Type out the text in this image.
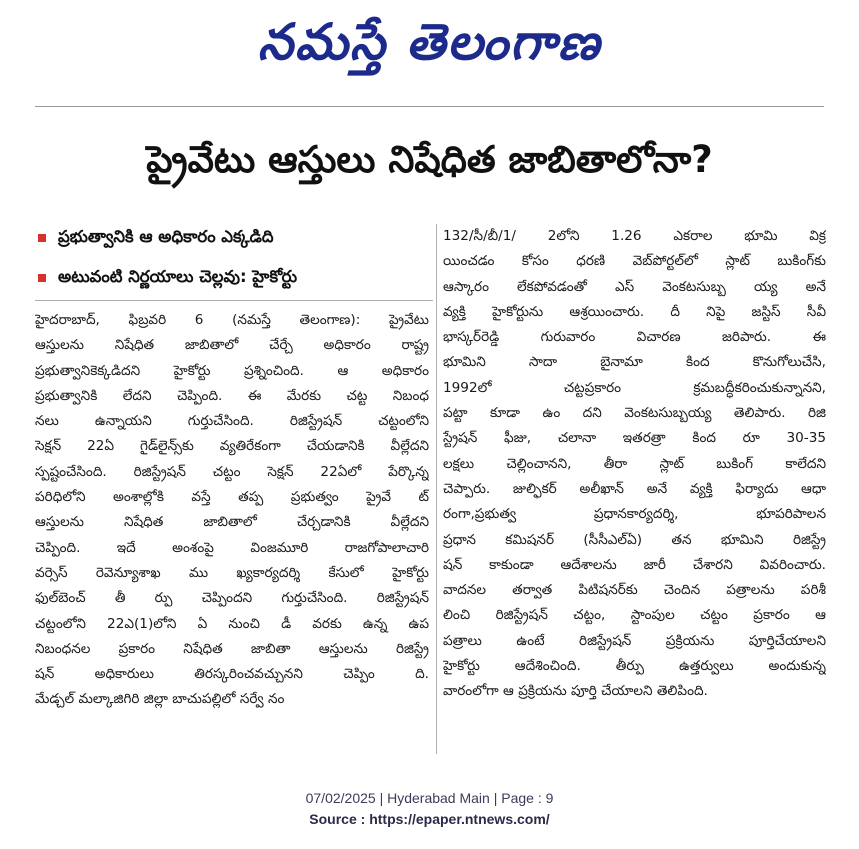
నమస్తే తెలంగాణ
ప్రైవేటు ఆస్తులు నిషేధిత జాబితాలోనా?
ప్రభుత్వానికి ఆ అధికారం ఎక్కడిది
అటువంటి నిర్ణయాలు చెల్లవు: హైకోర్టు
హైదరాబాద్, ఫిబ్రవరి 6 (నమస్తే తెలంగాణ): ప్రైవేటు
ఆస్తులను నిషేధిత జాబితాలో చేర్చే అధికారం రాష్ట్ర
ప్రభుత్వానికెక్కడిదని హైకోర్టు ప్రశ్నించింది. ఆ అధికారం
ప్రభుత్వానికి లేదని చెప్పింది. ఈ మేరకు చట్ట నిబంధ
నలు ఉన్నాయని గుర్తుచేసింది. రిజిస్ట్రేషన్ చట్టంలోని
సెక్షన్ 22ఏ గైడ్‌లైన్స్‌కు వ్యతిరేకంగా చేయడానికి వీల్లేదని
స్పష్టంచేసింది. రిజిస్ట్రేషన్ చట్టం సెక్షన్ 22ఏలో పేర్కొన్న
పరిధిలోని అంశాల్లోకి వస్తే తప్ప ప్రభుత్వం ప్రైవే ట్
ఆస్తులను నిషేధిత జాబితాలో చేర్చడానికి వీల్లేదని
చెప్పింది. ఇదే అంశంపై వింజమూరి రాజగోపాలాచారి
వర్సెస్ రెవెన్యూశాఖ ము ఖ్యకార్యదర్శి కేసులో హైకోర్టు
ఫుల్‌బెంచ్ తీ ర్పు చెప్పిందని గుర్తుచేసింది. రిజిస్ట్రేషన్
చట్టంలోని 22ఎ(1)లోని ఏ నుంచి డీ వరకు ఉన్న ఉప
నిబంధనల ప్రకారం నిషేధిత జాబితా ఆస్తులను రిజిస్ట్రే
షన్ అధికారులు తిరస్కరించవచ్చునని చెప్పిం ది.
మేడ్చల్ మల్కాజిగిరి జిల్లా బాచుపల్లిలో సర్వే నం
132/సీ/బీ/1/ 2లోని 1.26 ఎకరాల భూమి విక్ర
యించడం కోసం ధరణి వెబ్‌పోర్టల్‌లో స్లాట్ బుకింగ్‌కు
ఆస్కారం లేకపోవడంతో ఎస్ వెంకటసుబ్బ య్య అనే
వ్యక్తి హైకోర్టును ఆశ్రయించారు. దీ నిపై జస్టిస్ సీవీ
భాస్కర్‌రెడ్డి గురువారం విచారణ జరిపారు. ఈ
భూమిని సాదా బైనామా కింద కొనుగోలుచేసి,
1992లో చట్టప్రకారం క్రమబద్ధీకరించుకున్నానని,
పట్టా కూడా ఉం దని వెంకటసుబ్బయ్య తెలిపారు. రిజి
స్ట్రేషన్ ఫీజు, చలానా ఇతరత్రా కింద రూ 30-35
లక్షలు చెల్లించానని, తీరా స్లాట్ బుకింగ్ కాలేదని
చెప్పారు. జుల్ఫికర్ అలీఖాన్ అనే వ్యక్తి ఫిర్యాదు ఆధా
రంగా,ప్రభుత్వ ప్రధానకార్యదర్శి, భూపరిపాలన
ప్రధాన కమిషనర్ (సీసీఎల్ఏ) తన భూమిని రిజిస్ట్రే
షన్ కాకుండా ఆదేశాలను జారీ చేశారని వివరించారు.
వాదనల తర్వాత పిటిషనర్‌కు చెందిన పత్రాలను పరిశీ
లించి రిజిస్ట్రేషన్ చట్టం, స్టాంపుల చట్టం ప్రకారం ఆ
పత్రాలు ఉంటే రిజిస్ట్రేషన్ ప్రక్రియను పూర్తిచేయాలని
హైకోర్టు ఆదేశించింది. తీర్పు ఉత్తర్వులు అందుకున్న
వారంలోగా ఆ ప్రక్రియను పూర్తి చేయాలని తెలిపింది.
07/02/2025 | Hyderabad Main | Page : 9
Source : https://epaper.ntnews.com/
